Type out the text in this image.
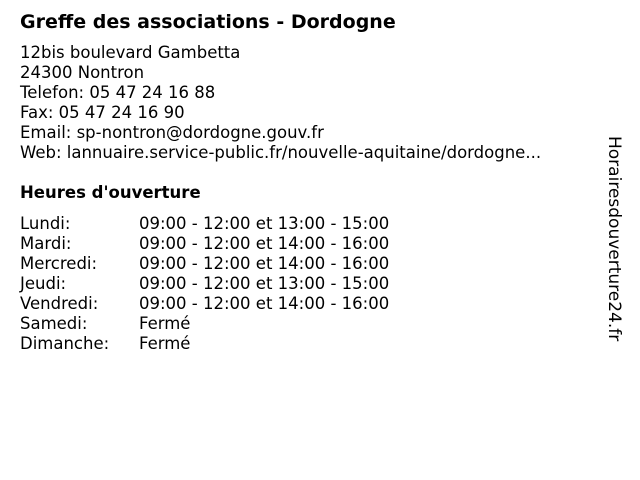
Greffe des associations - Dordogne
12bis boulevard Gambetta
24300 Nontron
Telefon: 05 47 24 16 88
Fax: 05 47 24 16 90
Email: sp-nontron@dordogne.gouv.fr
Web: lannuaire.service-public.fr/nouvelle-aquitaine/dordogne...
Heures d'ouverture
Lundi:	09:00 - 12:00 et 13:00 - 15:00
Mardi:	09:00 - 12:00 et 14:00 - 16:00
Mercredi:	09:00 - 12:00 et 14:00 - 16:00
Jeudi:	09:00 - 12:00 et 13:00 - 15:00
Vendredi: 09:00 - 12:00 et 14:00 - 16:00
Samedi:	Fermé
Dimanche: Fermé
Horairesdouverture24.fr
